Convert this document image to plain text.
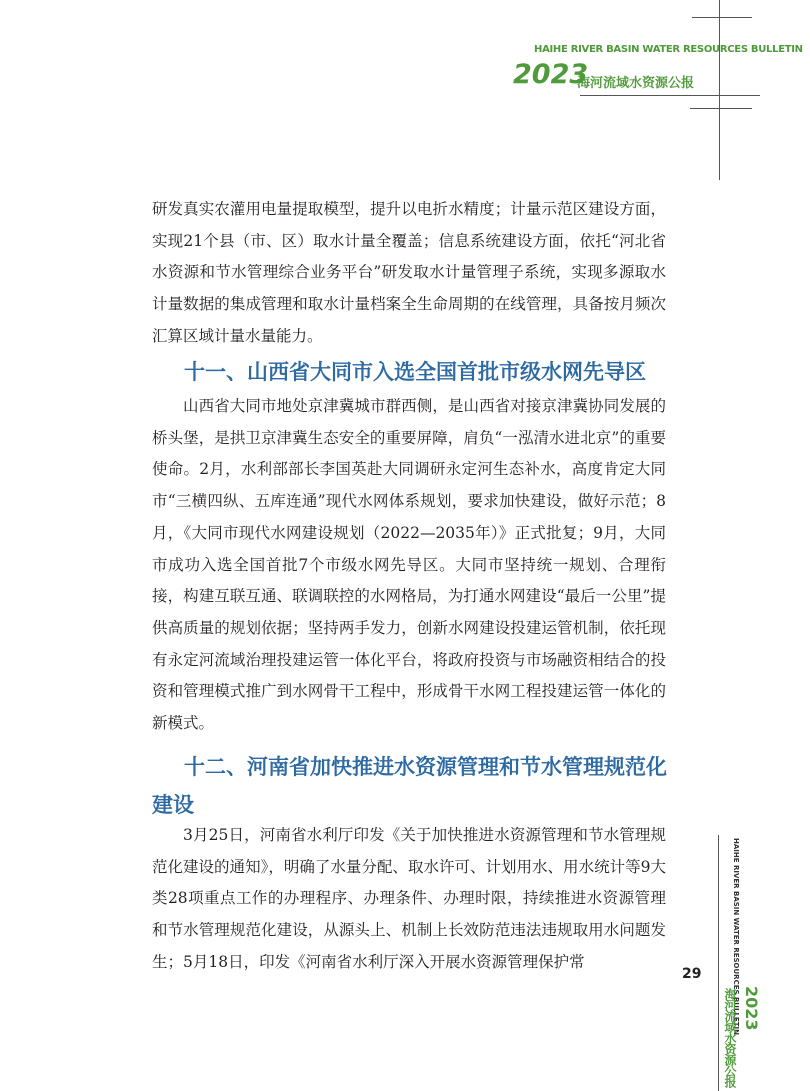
HAIHE RIVER BASIN WATER RESOURCES BULLETIN
2023
海河流域水资源公报

研发真实农灌用电量提取模型，提升以电折水精度；计量示范区建设方面，实现21个县（市、区）取水计量全覆盖；信息系统建设方面，依托“河北省水资源和节水管理综合业务平台”研发取水计量管理子系统，实现多源取水计量数据的集成管理和取水计量档案全生命周期的在线管理，具备按月频次汇算区域计量水量能力。

十一、山西省大同市入选全国首批市级水网先导区

山西省大同市地处京津冀城市群西侧，是山西省对接京津冀协同发展的桥头堡，是拱卫京津冀生态安全的重要屏障，肩负“一泓清水进北京”的重要使命。2月，水利部部长李国英赴大同调研永定河生态补水，高度肯定大同市“三横四纵、五库连通”现代水网体系规划，要求加快建设，做好示范；8月，《大同市现代水网建设规划（2022—2035年）》正式批复；9月，大同市成功入选全国首批7个市级水网先导区。大同市坚持统一规划、合理衔接，构建互联互通、联调联控的水网格局，为打通水网建设“最后一公里”提供高质量的规划依据；坚持两手发力，创新水网建设投建运管机制，依托现有永定河流域治理投建运管一体化平台，将政府投资与市场融资相结合的投资和管理模式推广到水网骨干工程中，形成骨干水网工程投建运管一体化的新模式。

十二、河南省加快推进水资源管理和节水管理规范化建设

3月25日，河南省水利厅印发《关于加快推进水资源管理和节水管理规范化建设的通知》，明确了水量分配、取水许可、计划用水、用水统计等9大类28项重点工作的办理程序、办理条件、办理时限，持续推进水资源管理和节水管理规范化建设，从源头上、机制上长效防范违法违规取用水问题发生；5月18日，印发《河南省水利厅深入开展水资源管理保护常	HAIHE RIVER BASIN WATER RESOURCES BULLETIN
29
2023
海河流域水资源公报
